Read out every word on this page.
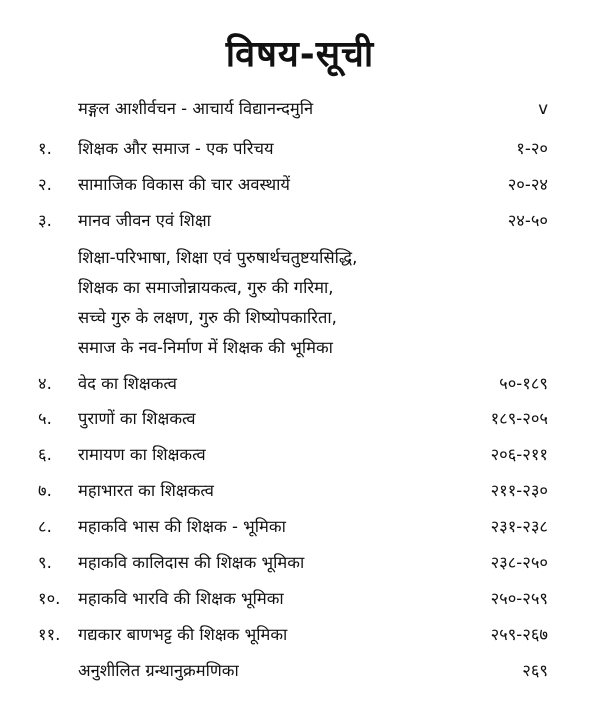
विषय-सूची
मङ्गल आशीर्वचन - आचार्य विद्यानन्दमुनि	v
१. शिक्षक और समाज - एक परिचय	१-२०
२. सामाजिक विकास की चार अवस्थायें	२०-२४
३. मानव जीवन एवं शिक्षा	२४-५०
शिक्षा-परिभाषा, शिक्षा एवं पुरुषार्थचतुष्टयसिद्धि,
शिक्षक का समाजोन्नायकत्व, गुरु की गरिमा,
सच्चे गुरु के लक्षण, गुरु की शिष्योपकारिता,
समाज के नव-निर्माण में शिक्षक की भूमिका
४. वेद का शिक्षकत्व	५०-१८९
५. पुराणों का शिक्षकत्व	१८९-२०५
६. रामायण का शिक्षकत्व	२०६-२११
७. महाभारत का शिक्षकत्व	२११-२३०
८. महाकवि भास की शिक्षक - भूमिका	२३१-२३८
९. महाकवि कालिदास की शिक्षक भूमिका	२३८-२५०
१०. महाकवि भारवि की शिक्षक भूमिका	२५०-२५९
११. गद्यकार बाणभट्ट की शिक्षक भूमिका	२५९-२६७
अनुशीलित ग्रन्थानुक्रमणिका	२६९
